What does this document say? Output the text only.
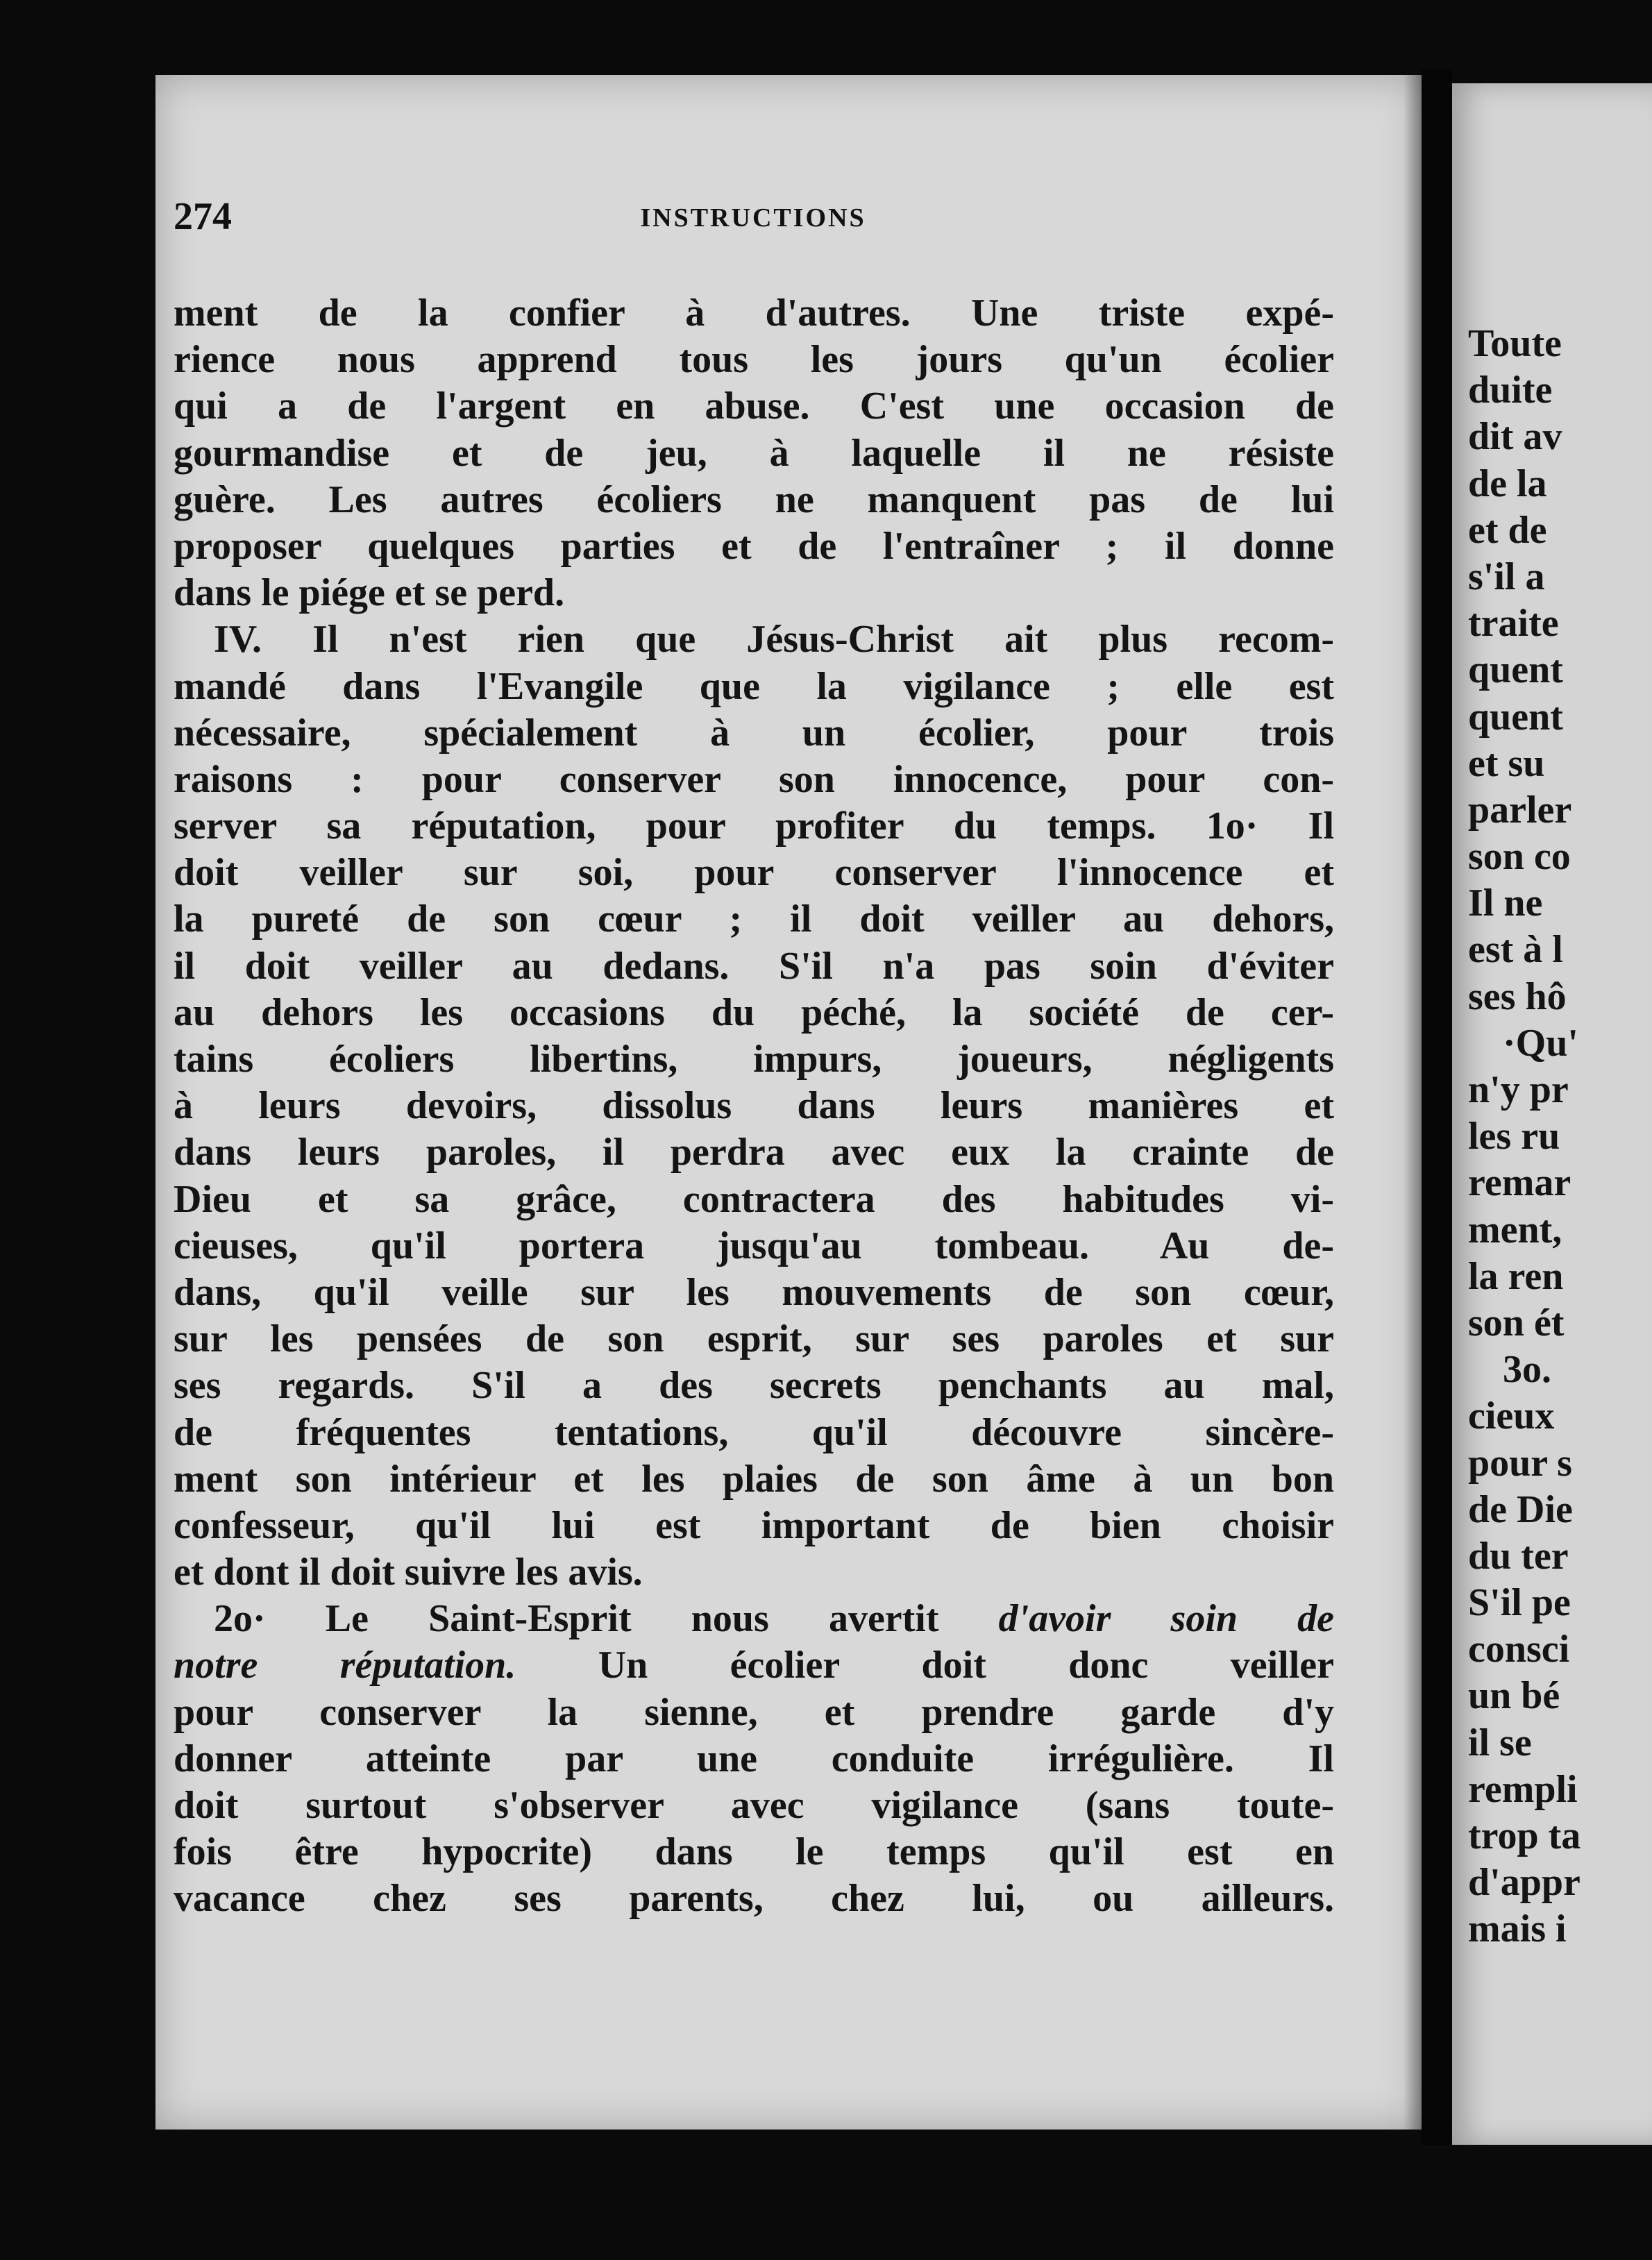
274	INSTRUCTIONS
ment de la confier à d'autres. Une triste expé-
rience nous apprend tous les jours qu'un écolier
qui a de l'argent en abuse. C'est une occasion de
gourmandise et de jeu, à laquelle il ne résiste
guère. Les autres écoliers ne manquent pas de lui
proposer quelques parties et de l'entraîner ; il donne
dans le piége et se perd.
IV. Il n'est rien que Jésus-Christ ait plus recom-
mandé dans l'Evangile que la vigilance ; elle est
nécessaire, spécialement à un écolier, pour trois
raisons : pour conserver son innocence, pour con-
server sa réputation, pour profiter du temps. 1o· Il
doit veiller sur soi, pour conserver l'innocence et
la pureté de son cœur ; il doit veiller au dehors,
il doit veiller au dedans. S'il n'a pas soin d'éviter
au dehors les occasions du péché, la société de cer-
tains écoliers libertins, impurs, joueurs, négligents
à leurs devoirs, dissolus dans leurs manières et
dans leurs paroles, il perdra avec eux la crainte de
Dieu et sa grâce, contractera des habitudes vi-
cieuses, qu'il portera jusqu'au tombeau. Au de-
dans, qu'il veille sur les mouvements de son cœur,
sur les pensées de son esprit, sur ses paroles et sur
ses regards. S'il a des secrets penchants au mal,
de fréquentes tentations, qu'il découvre sincère-
ment son intérieur et les plaies de son âme à un bon
confesseur, qu'il lui est important de bien choisir
et dont il doit suivre les avis.
2o· Le Saint-Esprit nous avertit d'avoir soin de
notre réputation. Un écolier doit donc veiller
pour conserver la sienne, et prendre garde d'y
donner atteinte par une conduite irrégulière. Il
doit surtout s'observer avec vigilance (sans toute-
fois être hypocrite) dans le temps qu'il est en
vacance chez ses parents, chez lui, ou ailleurs.
Toute
duite
dit av
de la
et de
s'il a
traite
quent
quent
et su
parler
son co
Il ne
est à l
ses hô
·Qu'
n'y pr
les ru
remar
ment,
la ren
son ét
3o.
cieux
pour s
de Die
du ter
S'il pe
consci
un bé
il se
rempli
trop ta
d'appr
mais i
